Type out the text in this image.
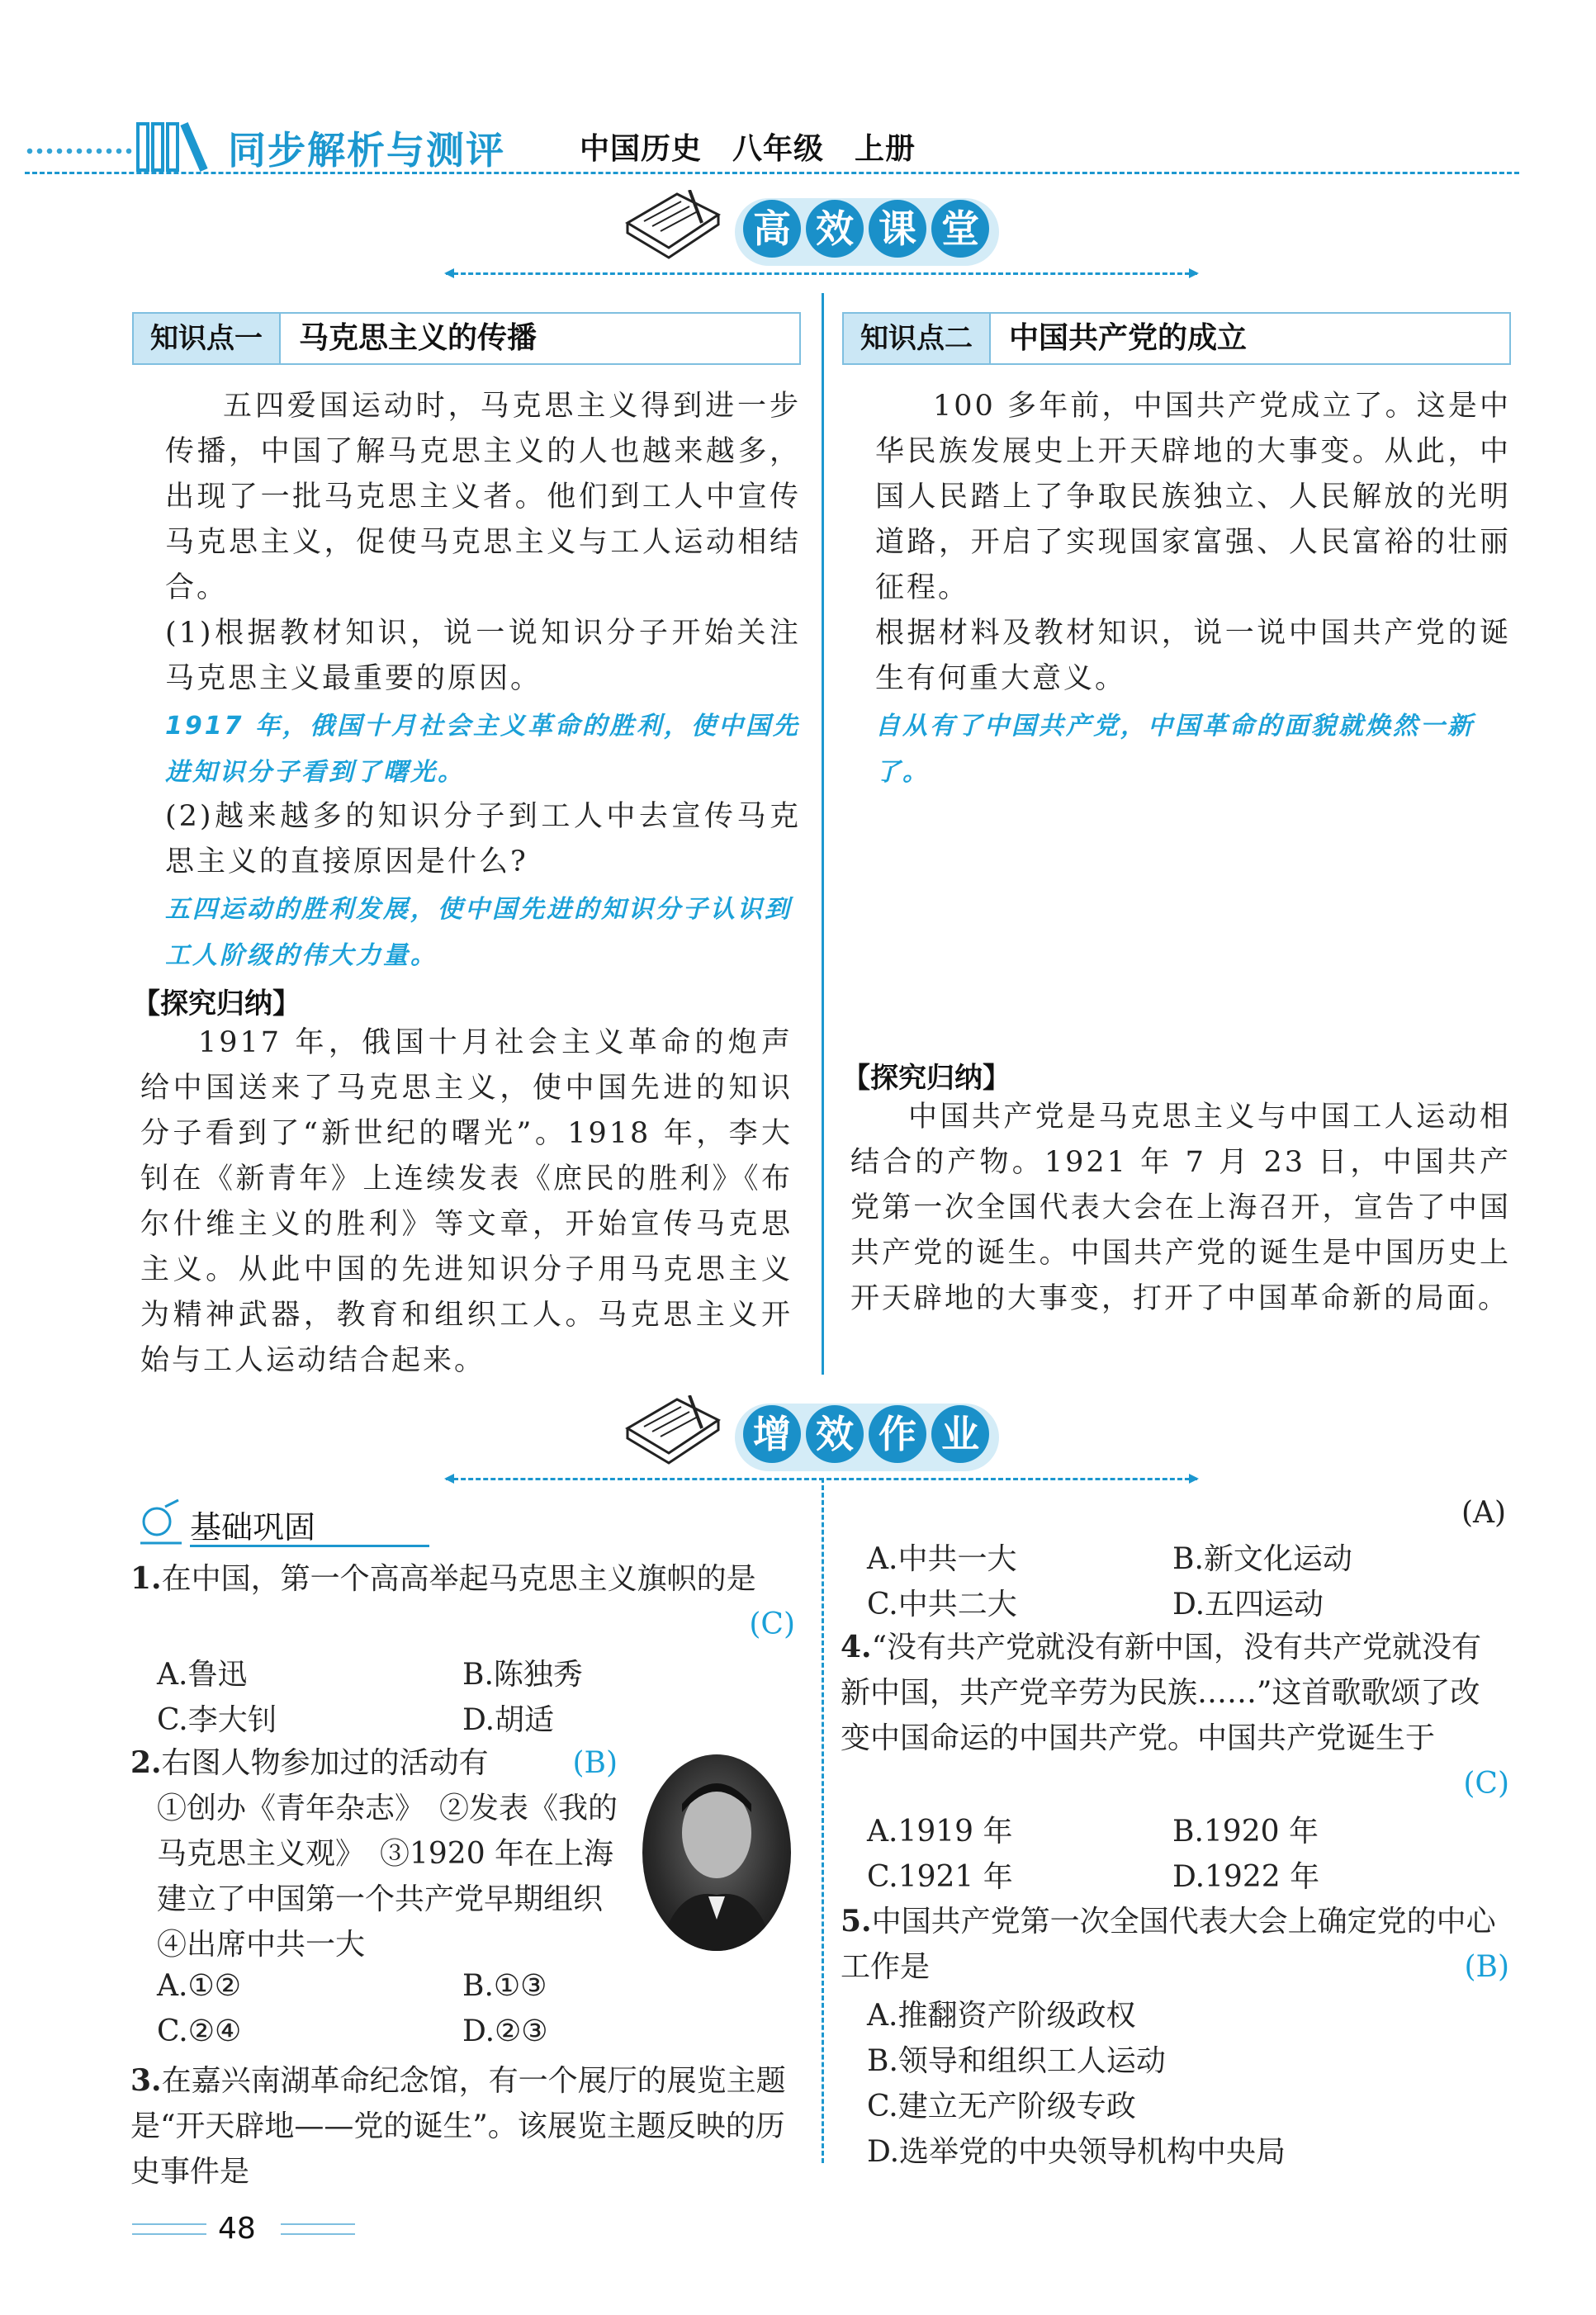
同步解析与测评	中国历史　八年级　上册
高 效 课 堂
知识点一	马克思主义的传播
五四爱国运动时，马克思主义得到进一步传播，中国了解马克思主义的人也越来越多，出现了一批马克思主义者。他们到工人中宣传马克思主义，促使马克思主义与工人运动相结合。
(1)根据教材知识，说一说知识分子开始关注马克思主义最重要的原因。
1917 年，俄国十月社会主义革命的胜利，使中国先进知识分子看到了曙光。
(2)越来越多的知识分子到工人中去宣传马克思主义的直接原因是什么?
五四运动的胜利发展，使中国先进的知识分子认识到工人阶级的伟大力量。
【探究归纳】
1917 年，俄国十月社会主义革命的炮声给中国送来了马克思主义，使中国先进的知识分子看到了“新世纪的曙光”。1918 年，李大钊在《新青年》上连续发表《庶民的胜利》《布尔什维主义的胜利》等文章，开始宣传马克思主义。从此中国的先进知识分子用马克思主义为精神武器，教育和组织工人。马克思主义开始与工人运动结合起来。
知识点二	中国共产党的成立
100 多年前，中国共产党成立了。这是中华民族发展史上开天辟地的大事变。从此，中国人民踏上了争取民族独立、人民解放的光明道路，开启了实现国家富强、人民富裕的壮丽征程。
根据材料及教材知识，说一说中国共产党的诞生有何重大意义。
自从有了中国共产党，中国革命的面貌就焕然一新了。
【探究归纳】
中国共产党是马克思主义与中国工人运动相结合的产物。1921 年 7 月 23 日，中国共产党第一次全国代表大会在上海召开，宣告了中国共产党的诞生。中国共产党的诞生是中国历史上开天辟地的大事变，打开了中国革命新的局面。
增 效 作 业
基础巩固
1.在中国，第一个高高举起马克思主义旗帜的是
(C)
A.鲁迅	B.陈独秀
C.李大钊	D.胡适
2.右图人物参加过的活动有	(B)
①创办《青年杂志》　②发表《我的马克思主义观》　③1920 年在上海建立了中国第一个共产党早期组织　④出席中共一大
A.①②	B.①③
C.②④	D.②③
3.在嘉兴南湖革命纪念馆，有一个展厅的展览主题是“开天辟地——党的诞生”。该展览主题反映的历史事件是
(A)
A.中共一大	B.新文化运动
C.中共二大	D.五四运动
4.“没有共产党就没有新中国，没有共产党就没有新中国，共产党辛劳为民族……”这首歌歌颂了改变中国命运的中国共产党。中国共产党诞生于
(C)
A.1919 年	B.1920 年
C.1921 年	D.1922 年
5.中国共产党第一次全国代表大会上确定党的中心工作是	(B)
A.推翻资产阶级政权
B.领导和组织工人运动
C.建立无产阶级专政
D.选举党的中央领导机构中央局
48
